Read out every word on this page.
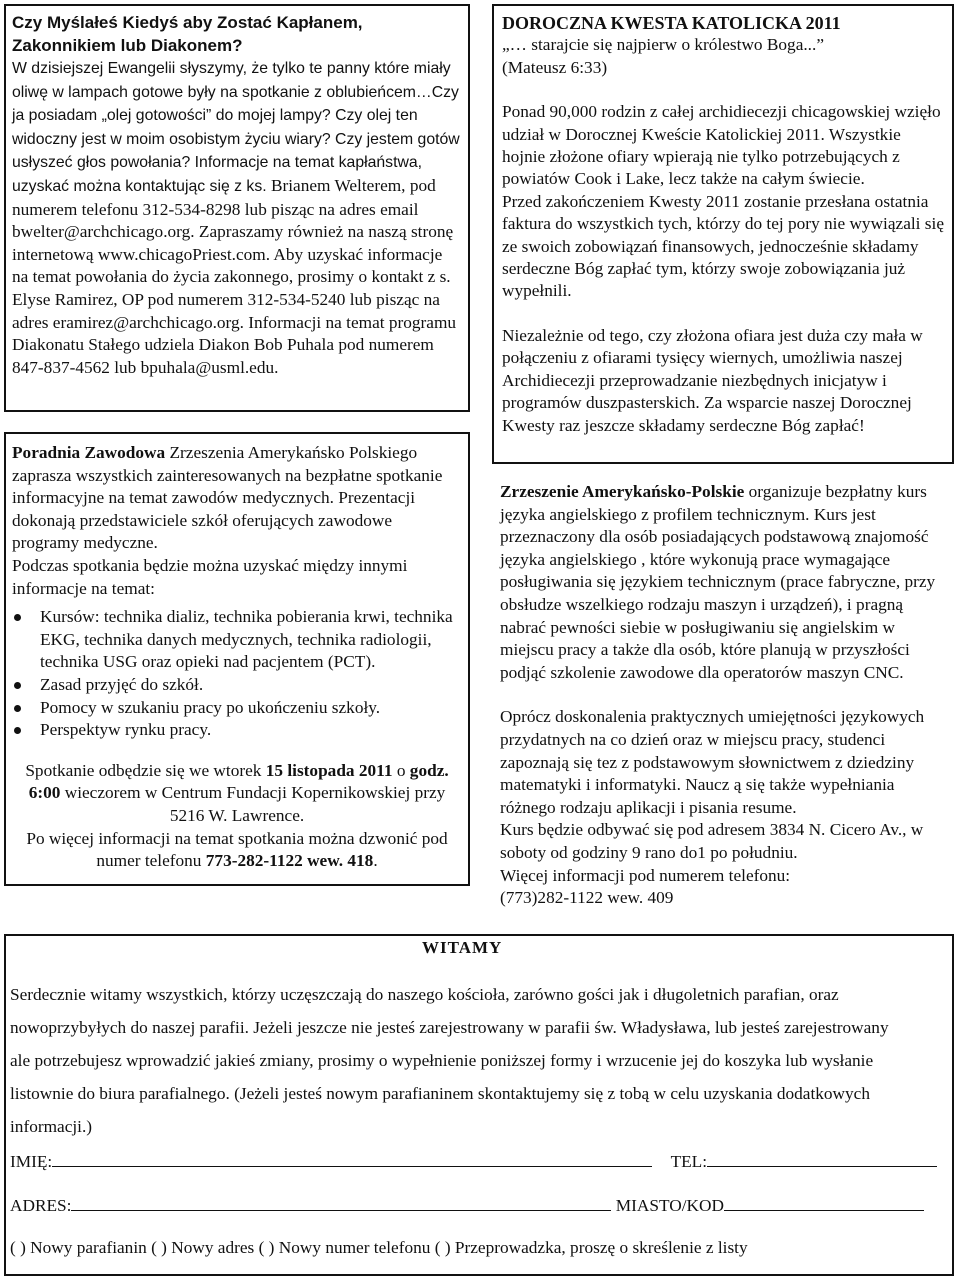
Czy Myślałeś Kiedyś aby Zostać Kapłanem, Zakonnikiem lub Diakonem?

W dzisiejszej Ewangelii słyszymy, że tylko te panny które miały oliwę w lampach gotowe były na spotkanie z oblubieńcem…Czy ja posiadam „olej gotowości” do mojej lampy? Czy olej ten widoczny jest w moim osobistym życiu wiary? Czy jestem gotów usłyszeć głos powołania? Informacje na temat kapłaństwa, uzyskać można kontaktując się z ks. Brianem Welterem, pod numerem telefonu 312-534-8298 lub pisząc na adres email bwelter@archchicago.org. Zapraszamy również na naszą stronę internetową www.chicagoPriest.com. Aby uzyskać informacje na temat powołania do życia zakonnego, prosimy o kontakt z s. Elyse Ramirez, OP pod numerem 312-534-5240 lub pisząc na adres eramirez@archchicago.org. Informacji na temat programu Diakonatu Stałego udziela Diakon Bob Puhala pod numerem 847-837-4562 lub bpuhala@usml.edu.

DOROCZNA KWESTA KATOLICKA 2011

„… starajcie się najpierw o królestwo Boga...”

(Mateusz 6:33)

Ponad 90,000 rodzin z całej archidiecezji chicagowskiej wzięło udział w Dorocznej Kweście Katolickiej 2011. Wszystkie hojnie złożone ofiary wpierają nie tylko potrzebujących z powiatów Cook i Lake, lecz także na całym świecie.

Przed zakończeniem Kwesty 2011 zostanie przesłana ostatnia faktura do wszystkich tych, którzy do tej pory nie wywiązali się ze swoich zobowiązań finansowych, jednocześnie składamy serdeczne Bóg zapłać tym, którzy swoje zobowiązania już wypełnili.

Niezależnie od tego, czy złożona ofiara jest duża czy mała w połączeniu z ofiarami tysięcy wiernych, umożliwia naszej Archidiecezji przeprowadzanie niezbędnych inicjatyw i programów duszpasterskich. Za wsparcie naszej Dorocznej Kwesty raz jeszcze składamy serdeczne Bóg zapłać!

Poradnia Zawodowa Zrzeszenia Amerykańsko Polskiego zaprasza wszystkich zainteresowanych na bezpłatne spotkanie informacyjne na temat zawodów medycznych. Prezentacji dokonają przedstawiciele szkół oferujących zawodowe programy medyczne.

Podczas spotkania będzie można uzyskać między innymi informacje na temat:

Kursów: technika dializ, technika pobierania krwi, technika EKG, technika danych medycznych, technika radiologii, technika USG oraz opieki nad pacjentem (PCT).
Zasad przyjęć do szkół.
Pomocy w szukaniu pracy po ukończeniu szkoły.
Perspektyw rynku pracy.

Spotkanie odbędzie się we wtorek 15 listopada 2011 o godz. 6:00 wieczorem w Centrum Fundacji Kopernikowskiej przy 5216 W. Lawrence.

Po więcej informacji na temat spotkania można dzwonić pod numer telefonu 773-282-1122 wew. 418.

Zrzeszenie Amerykańsko-Polskie organizuje bezpłatny kurs języka angielskiego z profilem technicznym. Kurs jest przeznaczony dla osób posiadających podstawową znajomość języka angielskiego , które wykonują prace wymagające posługiwania się językiem technicznym (prace fabryczne, przy obsłudze wszelkiego rodzaju maszyn i urządzeń), i pragną nabrać pewności siebie w posługiwaniu się angielskim w miejscu pracy a także dla osób, które planują w przyszłości podjąć szkolenie zawodowe dla operatorów maszyn CNC.

Oprócz doskonalenia praktycznych umiejętności językowych przydatnych na co dzień oraz w miejscu pracy, studenci zapoznają się tez z podstawowym słownictwem z dziedziny matematyki i informatyki. Naucz ą się także wypełniania różnego rodzaju aplikacji i pisania resume.

Kurs będzie odbywać się pod adresem 3834 N. Cicero Av., w soboty od godziny 9 rano do1 po południu.

Więcej informacji pod numerem telefonu:

(773)282-1122 wew. 409

WITAMY
Serdecznie witamy wszystkich, którzy uczęszczają do naszego kościoła, zarówno gości jak i długoletnich parafian, oraz
nowoprzybyłych do naszej parafii. Jeżeli jeszcze nie jesteś zarejestrowany w parafii św. Władysława, lub jesteś zarejestrowany
ale potrzebujesz wprowadzić jakieś zmiany, prosimy o wypełnienie poniższej formy i wrzucenie jej do koszyka lub wysłanie
listownie do biura parafialnego. (Jeżeli jesteś nowym parafianinem skontaktujemy się z tobą w celu uzyskania dodatkowych
informacji.)
IMIĘ:	TEL:
ADRES:	MIASTO/KOD
( ) Nowy parafianin ( ) Nowy adres ( ) Nowy numer telefonu ( ) Przeprowadzka, proszę o skreślenie z listy
